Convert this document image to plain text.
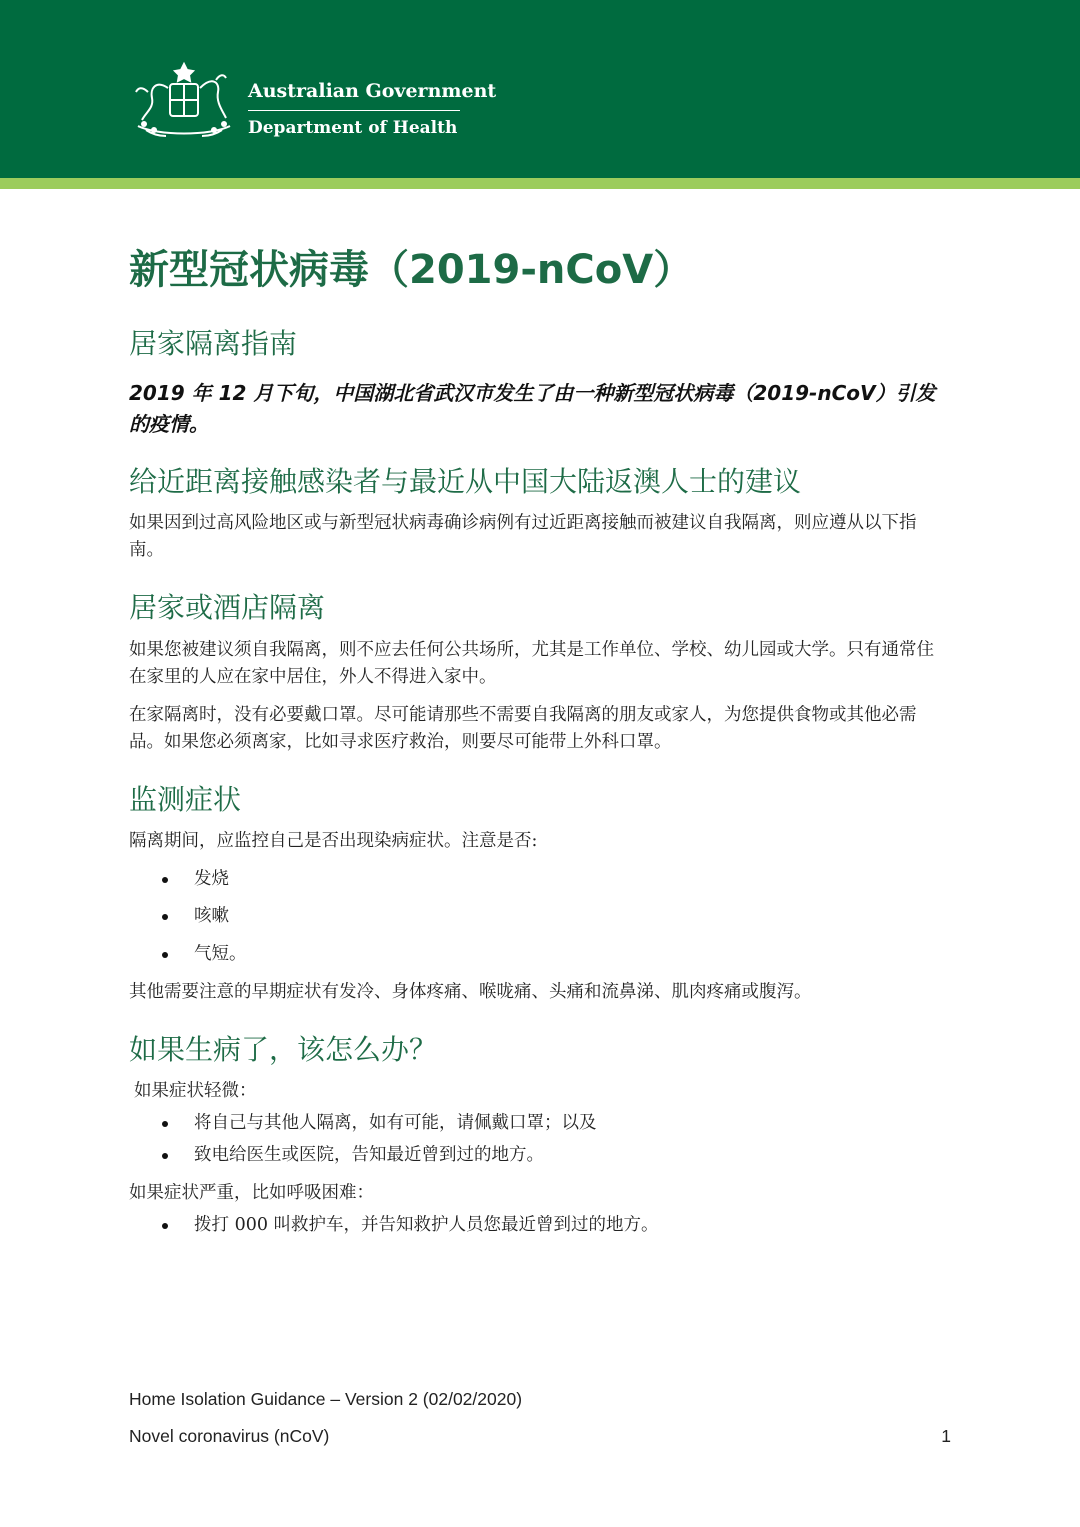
Australian Government
Department of Health
新型冠状病毒（2019-nCoV）
居家隔离指南
2019 年 12 月下旬，中国湖北省武汉市发生了由一种新型冠状病毒（2019-nCoV）引发的疫情。
给近距离接触感染者与最近从中国大陆返澳人士的建议
如果因到过高风险地区或与新型冠状病毒确诊病例有过近距离接触而被建议自我隔离，则应遵从以下指南。
居家或酒店隔离
如果您被建议须自我隔离，则不应去任何公共场所，尤其是工作单位、学校、幼儿园或大学。只有通常住在家里的人应在家中居住，外人不得进入家中。
在家隔离时，没有必要戴口罩。尽可能请那些不需要自我隔离的朋友或家人，为您提供食物或其他必需品。如果您必须离家，比如寻求医疗救治，则要尽可能带上外科口罩。
监测症状
隔离期间，应监控自己是否出现染病症状。注意是否:
发烧
咳嗽
气短。
其他需要注意的早期症状有发冷、身体疼痛、喉咙痛、头痛和流鼻涕、肌肉疼痛或腹泻。
如果生病了，该怎么办？
如果症状轻微：
将自己与其他人隔离，如有可能，请佩戴口罩；以及
致电给医生或医院，告知最近曾到过的地方。
如果症状严重，比如呼吸困难：
拨打 000 叫救护车，并告知救护人员您最近曾到过的地方。
Home Isolation Guidance – Version 2 (02/02/2020)
Novel coronavirus (nCoV)	1
